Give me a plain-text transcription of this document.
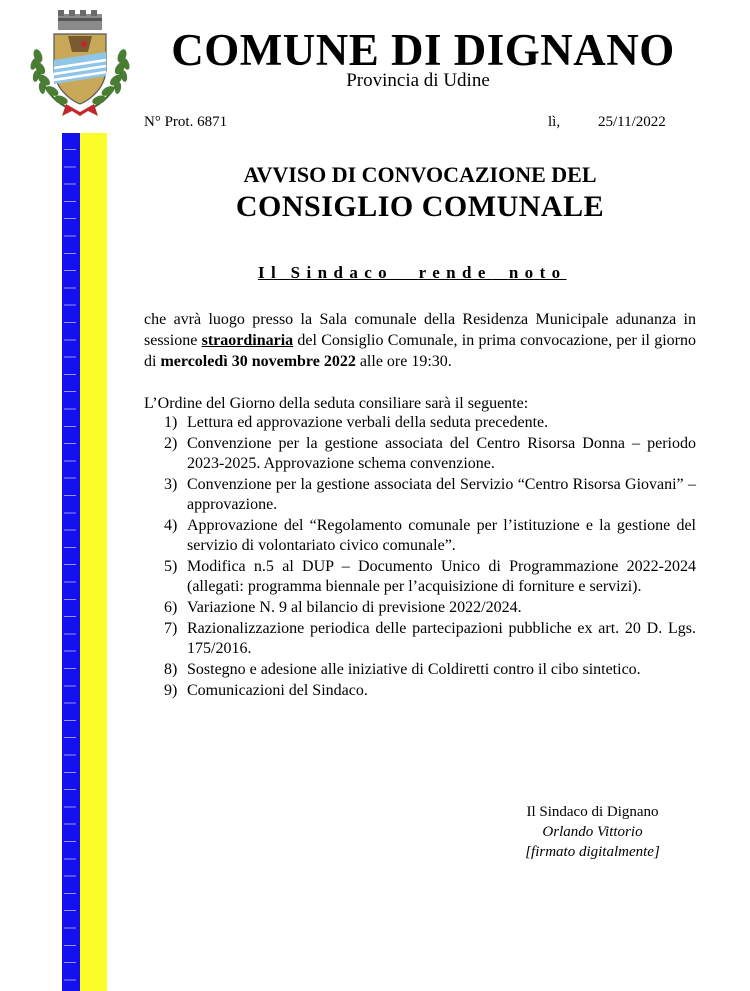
COMUNE DI DIGNANO
Provincia di Udine
N° Prot. 6871	lì,	25/11/2022
AVVISO DI CONVOCAZIONE DEL
CONSIGLIO COMUNALE
Il Sindaco rende noto

che avrà luogo presso la Sala comunale della Residenza Municipale adunanza in sessione straordinaria del Consiglio Comunale, in prima convocazione, per il giorno di mercoledì 30 novembre 2022 alle ore 19:30.

L’Ordine del Giorno della seduta consiliare sarà il seguente:
1) Lettura ed approvazione verbali della seduta precedente.
2) Convenzione per la gestione associata del Centro Risorsa Donna – periodo 2023-2025. Approvazione schema convenzione.
3) Convenzione per la gestione associata del Servizio “Centro Risorsa Giovani” – approvazione.
4) Approvazione del “Regolamento comunale per l’istituzione e la gestione del servizio di volontariato civico comunale”.
5) Modifica n.5 al DUP – Documento Unico di Programmazione 2022-2024 (allegati: programma biennale per l’acquisizione di forniture e servizi).
6) Variazione N. 9 al bilancio di previsione 2022/2024.
7) Razionalizzazione periodica delle partecipazioni pubbliche ex art. 20 D. Lgs. 175/2016.
8) Sostegno e adesione alle iniziative di Coldiretti contro il cibo sintetico.
9) Comunicazioni del Sindaco.
Il Sindaco di Dignano
Orlando Vittorio
[firmato digitalmente]
